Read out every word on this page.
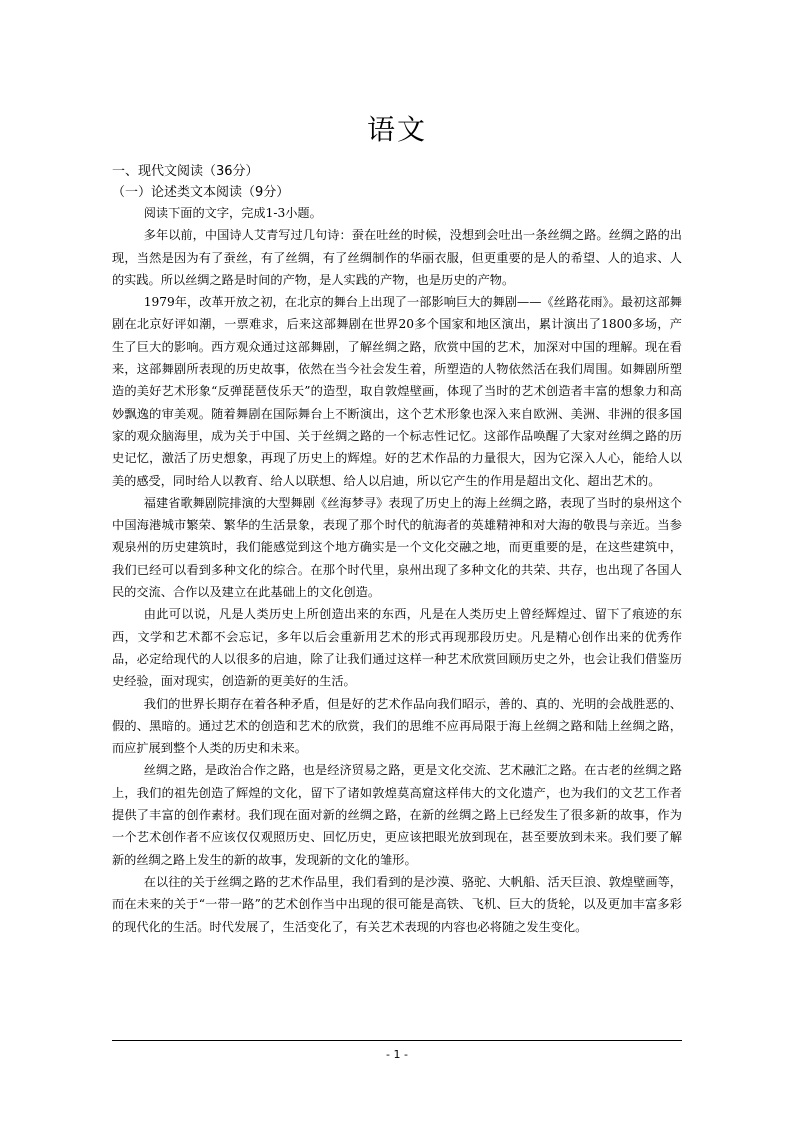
语文
一、现代文阅读（36分）
（一）论述类文本阅读（9分）

阅读下面的文字，完成1-3小题。

多年以前，中国诗人艾青写过几句诗：蚕在吐丝的时候，没想到会吐出一条丝绸之路。丝绸之路的出现，当然是因为有了蚕丝，有了丝绸，有了丝绸制作的华丽衣服，但更重要的是人的希望、人的追求、人的实践。所以丝绸之路是时间的产物，是人实践的产物，也是历史的产物。

1979年，改革开放之初，在北京的舞台上出现了一部影响巨大的舞剧——《丝路花雨》。最初这部舞剧在北京好评如潮，一票难求，后来这部舞剧在世界20多个国家和地区演出，累计演出了1800多场，产生了巨大的影响。西方观众通过这部舞剧，了解丝绸之路，欣赏中国的艺术，加深对中国的理解。现在看来，这部舞剧所表现的历史故事，依然在当今社会发生着，所塑造的人物依然活在我们周围。如舞剧所塑造的美好艺术形象“反弹琵琶伎乐天”的造型，取自敦煌壁画，体现了当时的艺术创造者丰富的想象力和高妙飘逸的审美观。随着舞剧在国际舞台上不断演出，这个艺术形象也深入来自欧洲、美洲、非洲的很多国家的观众脑海里，成为关于中国、关于丝绸之路的一个标志性记忆。这部作品唤醒了大家对丝绸之路的历史记忆，激活了历史想象，再现了历史上的辉煌。好的艺术作品的力量很大，因为它深入人心，能给人以美的感受，同时给人以教育、给人以联想、给人以启迪，所以它产生的作用是超出文化、超出艺术的。

福建省歌舞剧院排演的大型舞剧《丝海梦寻》表现了历史上的海上丝绸之路，表现了当时的泉州这个中国海港城市繁荣、繁华的生活景象，表现了那个时代的航海者的英雄精神和对大海的敬畏与亲近。当参观泉州的历史建筑时，我们能感觉到这个地方确实是一个文化交融之地，而更重要的是，在这些建筑中，我们已经可以看到多种文化的综合。在那个时代里，泉州出现了多种文化的共荣、共存，也出现了各国人民的交流、合作以及建立在此基础上的文化创造。

由此可以说，凡是人类历史上所创造出来的东西，凡是在人类历史上曾经辉煌过、留下了痕迹的东西，文学和艺术都不会忘记，多年以后会重新用艺术的形式再现那段历史。凡是精心创作出来的优秀作品，必定给现代的人以很多的启迪，除了让我们通过这样一种艺术欣赏回顾历史之外，也会让我们借鉴历史经验，面对现实，创造新的更美好的生活。

我们的世界长期存在着各种矛盾，但是好的艺术作品向我们昭示，善的、真的、光明的会战胜恶的、假的、黑暗的。通过艺术的创造和艺术的欣赏，我们的思维不应再局限于海上丝绸之路和陆上丝绸之路，而应扩展到整个人类的历史和未来。

丝绸之路，是政治合作之路，也是经济贸易之路，更是文化交流、艺术融汇之路。在古老的丝绸之路上，我们的祖先创造了辉煌的文化，留下了诸如敦煌莫高窟这样伟大的文化遗产，也为我们的文艺工作者提供了丰富的创作素材。我们现在面对新的丝绸之路，在新的丝绸之路上已经发生了很多新的故事，作为一个艺术创作者不应该仅仅观照历史、回忆历史，更应该把眼光放到现在，甚至要放到未来。我们要了解新的丝绸之路上发生的新的故事，发现新的文化的雏形。

在以往的关于丝绸之路的艺术作品里，我们看到的是沙漠、骆驼、大帆船、活天巨浪、敦煌壁画等，而在未来的关于“一带一路”的艺术创作当中出现的很可能是高铁、飞机、巨大的货轮，以及更加丰富多彩的现代化的生活。时代发展了，生活变化了，有关艺术表现的内容也必将随之发生变化。

- 1 -
